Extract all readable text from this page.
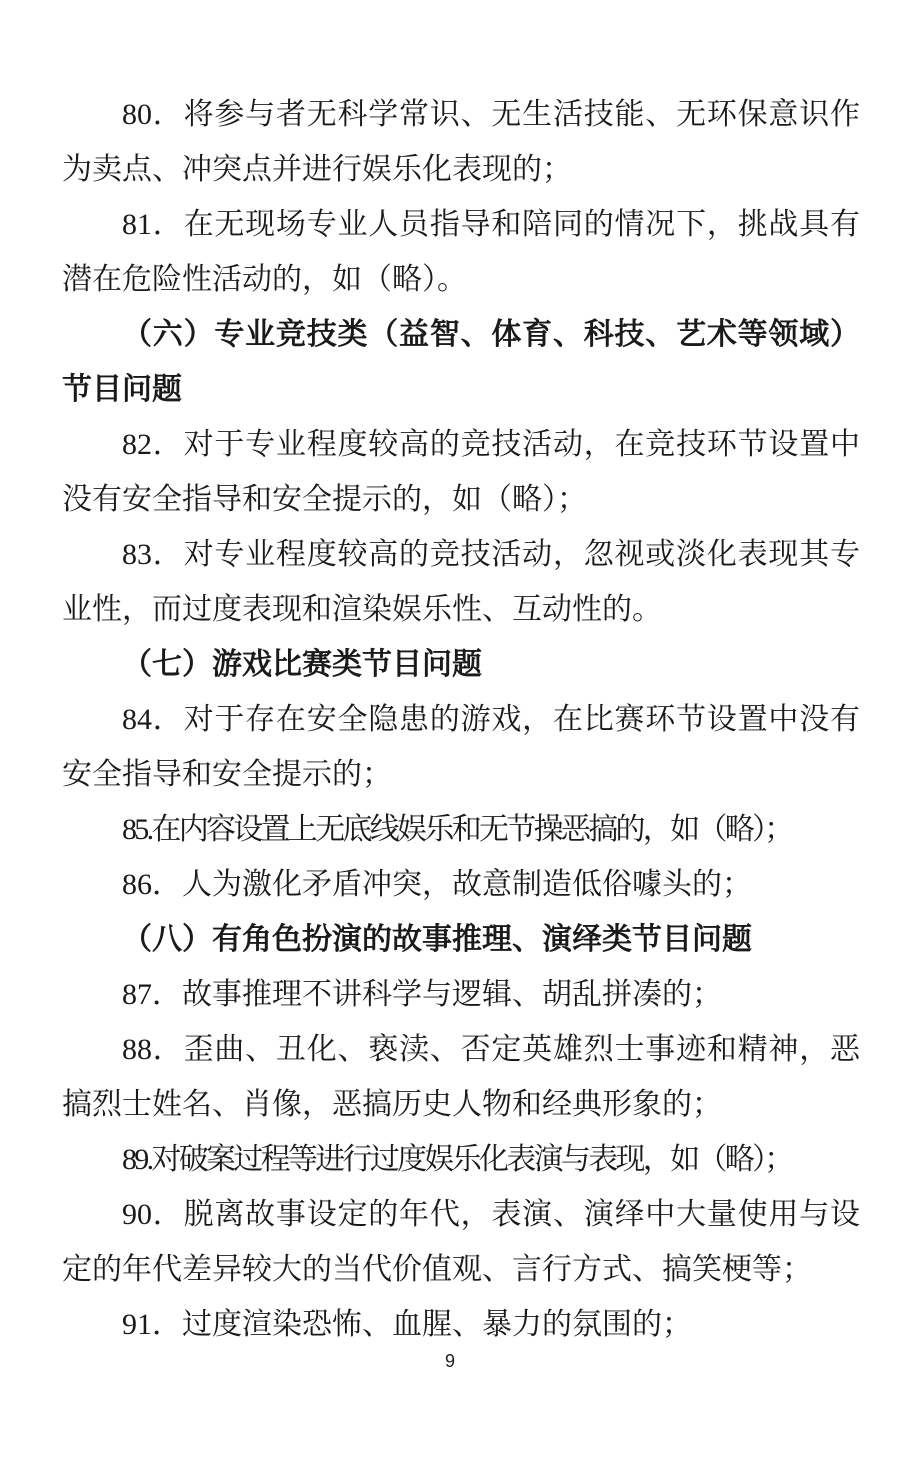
80．将参与者无科学常识、无生活技能、无环保意识作为卖点、冲突点并进行娱乐化表现的；

81．在无现场专业人员指导和陪同的情况下，挑战具有潜在危险性活动的，如（略）。

（六）专业竞技类（益智、体育、科技、艺术等领域）节目问题

82．对于专业程度较高的竞技活动，在竞技环节设置中没有安全指导和安全提示的，如（略）；

83．对专业程度较高的竞技活动，忽视或淡化表现其专业性，而过度表现和渲染娱乐性、互动性的。

（七）游戏比赛类节目问题

84．对于存在安全隐患的游戏，在比赛环节设置中没有安全指导和安全提示的；

85.在内容设置上无底线娱乐和无节操恶搞的，如（略）；

86．人为激化矛盾冲突，故意制造低俗噱头的；

（八）有角色扮演的故事推理、演绎类节目问题

87．故事推理不讲科学与逻辑、胡乱拼凑的；

88．歪曲、丑化、亵渎、否定英雄烈士事迹和精神，恶搞烈士姓名、肖像，恶搞历史人物和经典形象的；

89.对破案过程等进行过度娱乐化表演与表现，如（略）；

90．脱离故事设定的年代，表演、演绎中大量使用与设定的年代差异较大的当代价值观、言行方式、搞笑梗等；

91．过度渲染恐怖、血腥、暴力的氛围的；

9
